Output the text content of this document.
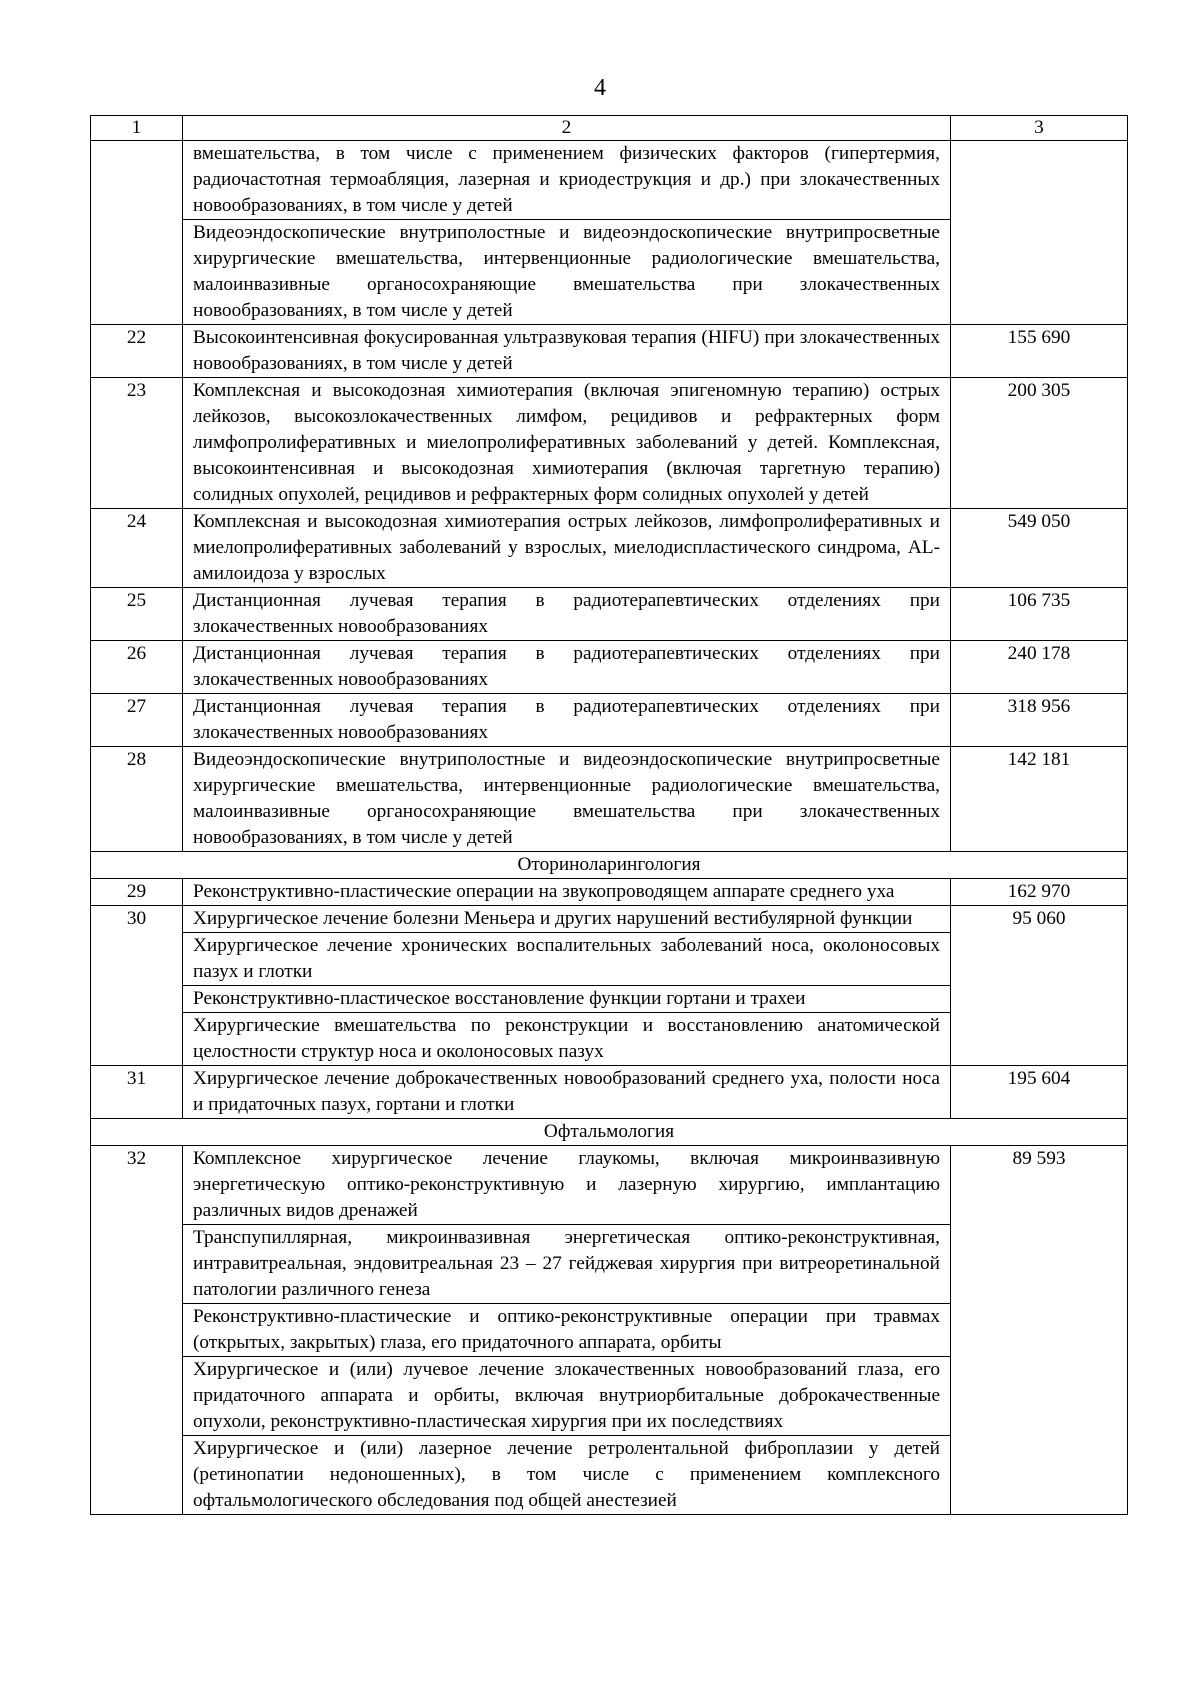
4
1	2	3
	вмешательства, в том числе с применением физических факторов (гипертермия, радиочастотная термоабляция, лазерная и криодеструкция и др.) при злокачественных новообразованиях, в том числе у детей	
	Видеоэндоскопические внутриполостные и видеоэндоскопические внутрипросветные хирургические вмешательства, интервенционные радиологические вмешательства, малоинвазивные органосохраняющие вмешательства при злокачественных новообразованиях, в том числе у детей	
22	Высокоинтенсивная фокусированная ультразвуковая терапия (HIFU) при злокачественных новообразованиях, в том числе у детей	155 690
23	Комплексная и высокодозная химиотерапия (включая эпигеномную терапию) острых лейкозов, высокозлокачественных лимфом, рецидивов и рефрактерных форм лимфопролиферативных и миелопролиферативных заболеваний у детей. Комплексная, высокоинтенсивная и высокодозная химиотерапия (включая таргетную терапию) солидных опухолей, рецидивов и рефрактерных форм солидных опухолей у детей	200 305
24	Комплексная и высокодозная химиотерапия острых лейкозов, лимфопролиферативных и миелопролиферативных заболеваний у взрослых, миелодиспластического синдрома, AL-амилоидоза у взрослых	549 050
25	Дистанционная лучевая терапия в радиотерапевтических отделениях при злокачественных новообразованиях	106 735
26	Дистанционная лучевая терапия в радиотерапевтических отделениях при злокачественных новообразованиях	240 178
27	Дистанционная лучевая терапия в радиотерапевтических отделениях при злокачественных новообразованиях	318 956
28	Видеоэндоскопические внутриполостные и видеоэндоскопические внутрипросветные хирургические вмешательства, интервенционные радиологические вмешательства, малоинвазивные органосохраняющие вмешательства при злокачественных новообразованиях, в том числе у детей	142 181
Оториноларингология		
29	Реконструктивно-пластические операции на звукопроводящем аппарате среднего уха	162 970
30	Хирургическое лечение болезни Меньера и других нарушений вестибулярной функции	95 060
	Хирургическое лечение хронических воспалительных заболеваний носа, околоносовых пазух и глотки	
	Реконструктивно-пластическое восстановление функции гортани и трахеи	
	Хирургические вмешательства по реконструкции и восстановлению анатомической целостности структур носа и околоносовых пазух	
31	Хирургическое лечение доброкачественных новообразований среднего уха, полости носа и придаточных пазух, гортани и глотки	195 604
Офтальмология		
32	Комплексное хирургическое лечение глаукомы, включая микроинвазивную энергетическую оптико-реконструктивную и лазерную хирургию, имплантацию различных видов дренажей	89 593
	Транспупиллярная, микроинвазивная энергетическая оптико-реконструктивная, интравитреальная, эндовитреальная 23 – 27 гейджевая хирургия при витреоретинальной патологии различного генеза	
	Реконструктивно-пластические и оптико-реконструктивные операции при травмах (открытых, закрытых) глаза, его придаточного аппарата, орбиты	
	Хирургическое и (или) лучевое лечение злокачественных новообразований глаза, его придаточного аппарата и орбиты, включая внутриорбитальные доброкачественные опухоли, реконструктивно-пластическая хирургия при их последствиях	
	Хирургическое и (или) лазерное лечение ретролентальной фиброплазии у детей (ретинопатии недоношенных), в том числе с применением комплексного офтальмологического обследования под общей анестезией	
